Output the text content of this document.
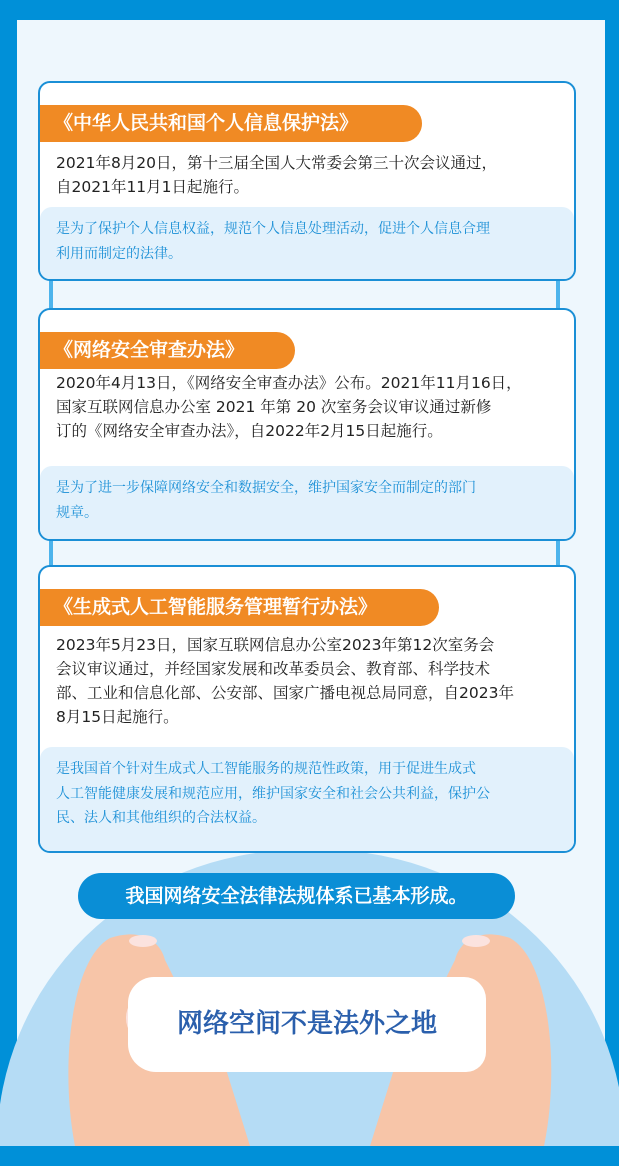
《中华人民共和国个人信息保护法》
2021年8月20日，第十三届全国人大常委会第三十次会议通过，
自2021年11月1日起施行。
是为了保护个人信息权益，规范个人信息处理活动，促进个人信息合理
利用而制定的法律。
《网络安全审查办法》
2020年4月13日，《网络安全审查办法》公布。2021年11月16日，
国家互联网信息办公室 2021 年第 20 次室务会议审议通过新修
订的《网络安全审查办法》，自2022年2月15日起施行。
是为了进一步保障网络安全和数据安全，维护国家安全而制定的部门
规章。
《生成式人工智能服务管理暂行办法》
2023年5月23日，国家互联网信息办公室2023年第12次室务会
会议审议通过，并经国家发展和改革委员会、教育部、科学技术
部、工业和信息化部、公安部、国家广播电视总局同意，自2023年
8月15日起施行。
是我国首个针对生成式人工智能服务的规范性政策，用于促进生成式
人工智能健康发展和规范应用，维护国家安全和社会公共利益，保护公
民、法人和其他组织的合法权益。
我国网络安全法律法规体系已基本形成。
网络空间不是法外之地
